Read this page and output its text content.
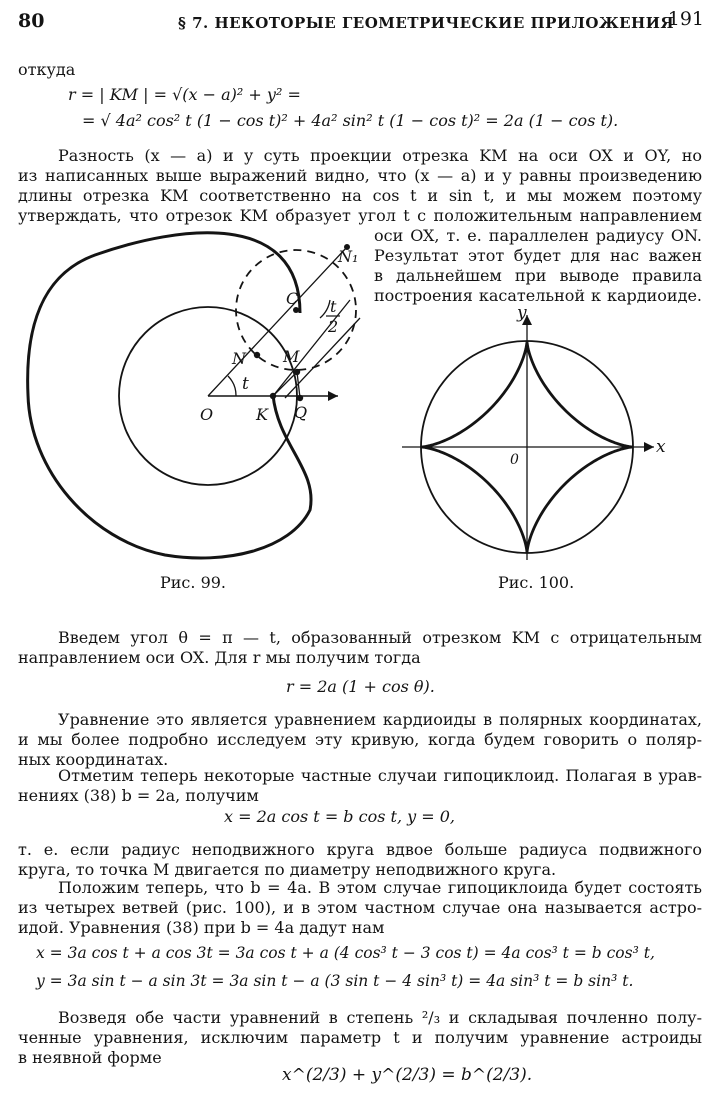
80	§ 7. НЕКОТОРЫЕ ГЕОМЕТРИЧЕСКИЕ ПРИЛОЖЕНИЯ
191
откуда
r = | KM | = √(x − a)² + y² =
= √ 4a² cos² t (1 − cos t)² + 4a² sin² t (1 − cos t)² = 2a (1 − cos t).
Разность (x — a) и y суть проекции отрезка KM на оси OX и OY, но
из написанных выше выражений видно, что (x — a) и y равны произведению
длины отрезка KM соответственно на cos t и sin t, и мы можем поэтому
утверждать, что отрезок KM образует угол t с положительным направлением
оси OX, т. е. параллелен радиусу ON.
Результат этот будет для нас важен
в дальнейшем при выводе правила
построения касательной к кардиоиде.
N₁
C t
2
N M
t
O	K Q
Рис. 99.
y
x
0
Рис. 100.
Введем угол θ = π — t, образованный отрезком KM с отрицательным
направлением оси OX. Для r мы получим тогда
r = 2a (1 + cos θ).
Уравнение это является уравнением кардиоиды в полярных координатах,
и мы более подробно исследуем эту кривую, когда будем говорить о поляр-
ных координатах.
Отметим теперь некоторые частные случаи гипоциклоид. Полагая в урав-
нениях (38) b = 2a, получим
x = 2a cos t = b cos t, y = 0,
т. е. если радиус неподвижного круга вдвое больше радиуса подвижного
круга, то точка M двигается по диаметру неподвижного круга.
Положим теперь, что b = 4a. В этом случае гипоциклоида будет состоять
из четырех ветвей (рис. 100), и в этом частном случае она называется астро-
идой. Уравнения (38) при b = 4a дадут нам
x = 3a cos t + a cos 3t = 3a cos t + a (4 cos³ t − 3 cos t) = 4a cos³ t = b cos³ t,
y = 3a sin t − a sin 3t = 3a sin t − a (3 sin t − 4 sin³ t) = 4a sin³ t = b sin³ t.
Возведя обе части уравнений в степень ²/₃ и складывая почленно полу-
ченные уравнения, исключим параметр t и получим уравнение астроиды
в неявной форме
x^(2/3) + y^(2/3) = b^(2/3).
